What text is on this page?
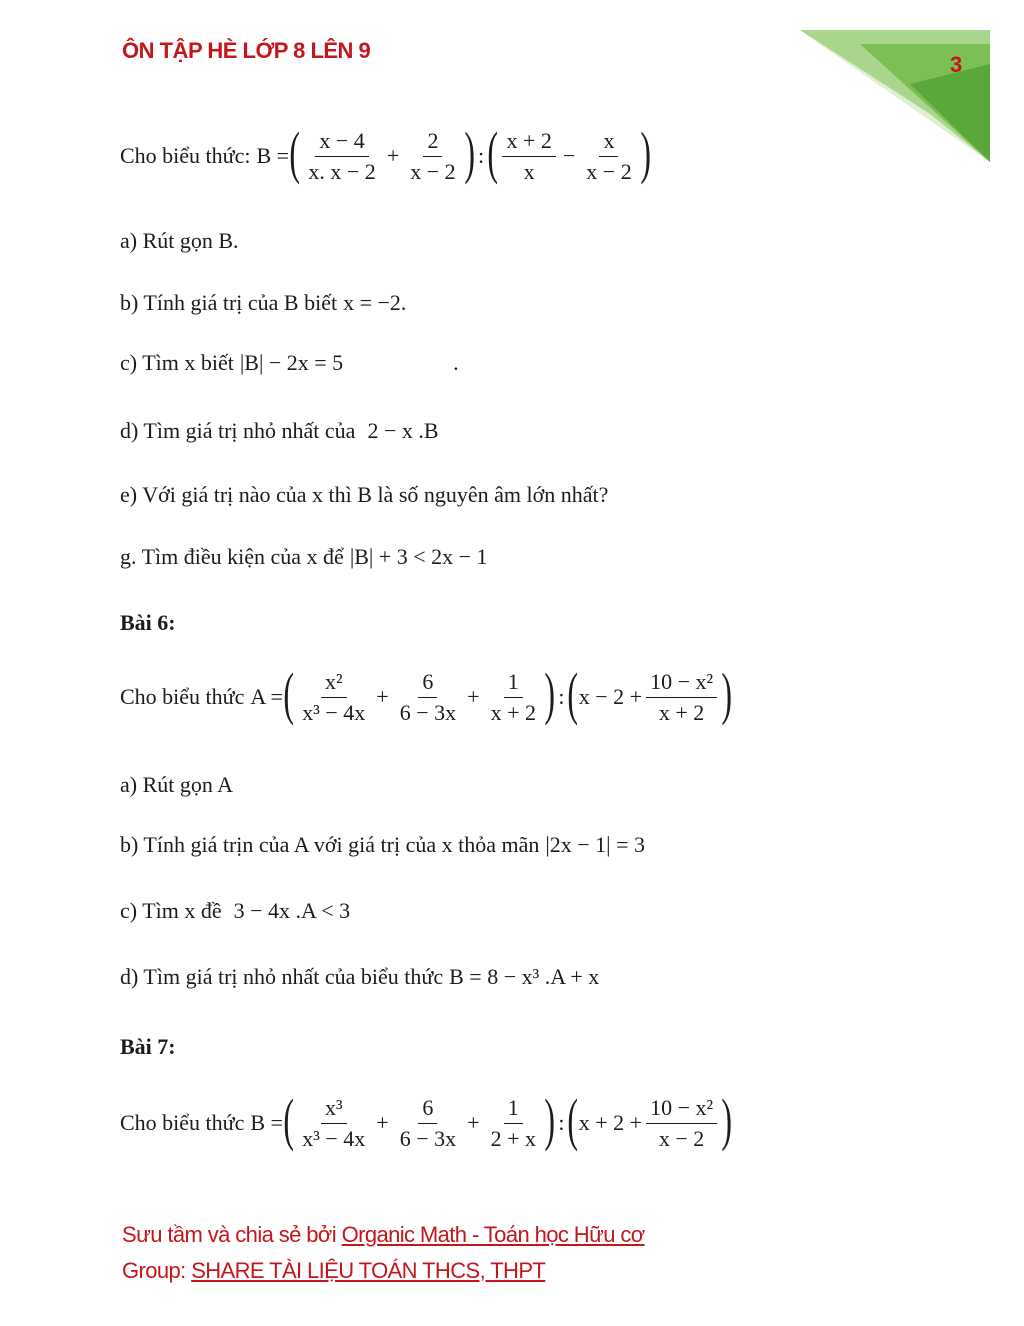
ÔN TẬP HÈ LỚP 8 LÊN 9
3
Cho biểu thức: B = ( $\frac{x - 4}{x. x - 2} + \frac{2}{x - 2}$ ) : ( $\frac{x + 2}{x} - \frac{x}{x - 2}$ )
a) Rút gọn B.
b) Tính giá trị của B biết x = −2.
c) Tìm x biết |B| − 2x = 5	.
d) Tìm giá trị nhỏ nhất của 2 − x .B
e) Với giá trị nào của x thì B là số nguyên âm lớn nhất?
g. Tìm điều kiện của x để |B| + 3 < 2x − 1
Bài 6:
Cho biểu thức A = ( $\frac{\text{x²}}{\text{x³ − 4x}} + \frac{6}{6 - 3x} + \frac{1}{x + 2}$ ) : ( $x - 2 + \frac{\text{10 − x²}}{x + 2}$ )
a) Rút gọn A
b) Tính giá trịn của A với giá trị của x thỏa mãn |2x − 1| = 3
c) Tìm x đề 3 − 4x .A < 3
d) Tìm giá trị nhỏ nhất của biểu thức B = 8 − x³ .A + x
Bài 7:
Cho biểu thức B = ( $\frac{\text{x³}}{\text{x³ − 4x}} + \frac{6}{6 - 3x} + \frac{1}{2 + x}$ ) : ( $x + 2 + \frac{\text{10 − x²}}{x - 2}$ )
Sưu tầm và chia sẻ bởi Organic Math - Toán học Hữu cơ
Group: SHARE TÀI LIỆU TOÁN THCS, THPT
